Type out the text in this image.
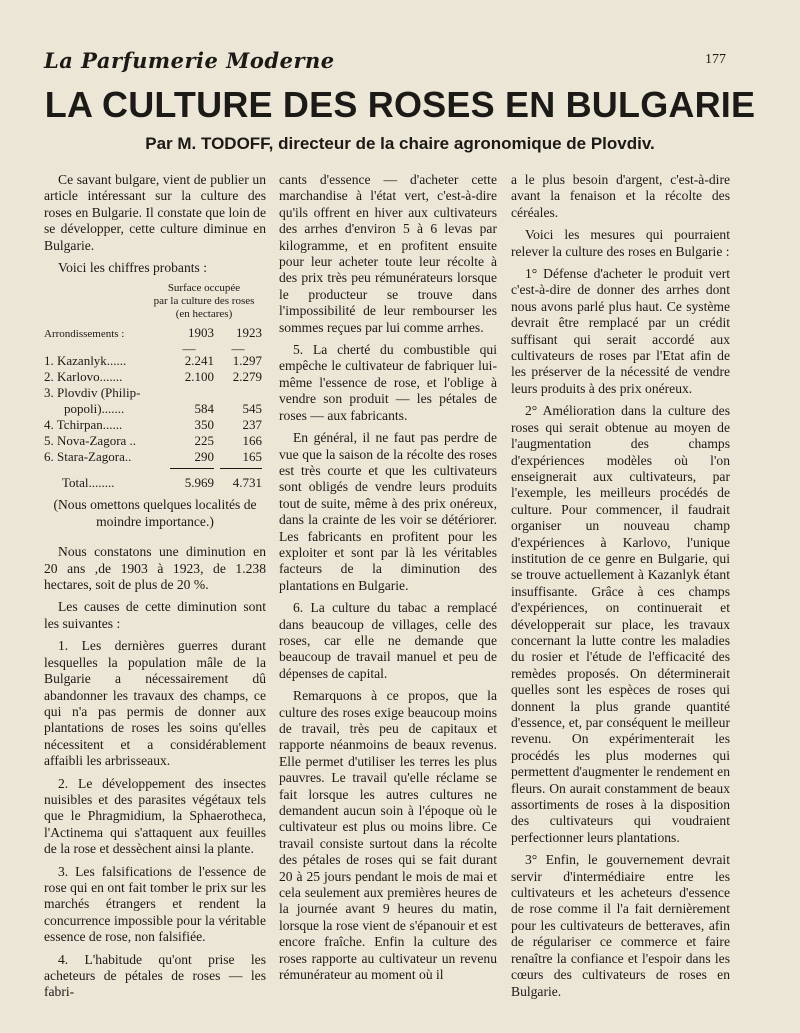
La Parfumerie Moderne	177
LA CULTURE DES ROSES EN BULGARIE
Par M. TODOFF, directeur de la chaire agronomique de Plovdiv.

Ce savant bulgare, vient de publier un article intéressant sur la culture des roses en Bulgarie. Il constate que loin de se développer, cette culture diminue en Bulgarie.

Voici les chiffres probants :

Surface occupée
par la culture des roses
(en hectares)
Arrondissements :	1903	1923
—	—
1. Kazanlyk......	2.241	1.297
2. Karlovo.......	2.100	2.279
3. Plovdiv (Philip-
popoli).......	584	545
4. Tchirpan......	350	237
5. Nova-Zagora ..	225	166
6. Stara-Zagora..	290	165
Total........	5.969	4.731

(Nous omettons quelques localités de moindre importance.)

Nous constatons une diminution en 20 ans ,de 1903 à 1923, de 1.238 hectares, soit de plus de 20 %.

Les causes de cette diminution sont les suivantes :

1. Les dernières guerres durant lesquelles la population mâle de la Bulgarie a nécessairement dû abandonner les travaux des champs, ce qui n'a pas permis de donner aux plantations de roses les soins qu'elles nécessitent et a considérablement affaibli les arbrisseaux.

2. Le développement des insectes nuisibles et des parasites végétaux tels que le Phragmidium, la Sphaerotheca, l'Actinema qui s'attaquent aux feuilles de la rose et dessèchent ainsi la plante.

3. Les falsifications de l'essence de rose qui en ont fait tomber le prix sur les marchés étrangers et rendent la concurrence impossible pour la véritable essence de rose, non falsifiée.

4. L'habitude qu'ont prise les acheteurs de pétales de roses — les fabri-

cants d'essence — d'acheter cette marchandise à l'état vert, c'est-à-dire qu'ils offrent en hiver aux cultivateurs des arrhes d'environ 5 à 6 levas par kilogramme, et en profitent ensuite pour leur acheter toute leur récolte à des prix très peu rémunérateurs lorsque le producteur se trouve dans l'impossibilité de leur rembourser les sommes reçues par lui comme arrhes.

5. La cherté du combustible qui empêche le cultivateur de fabriquer lui-même l'essence de rose, et l'oblige à vendre son produit — les pétales de roses — aux fabricants.

En général, il ne faut pas perdre de vue que la saison de la récolte des roses est très courte et que les cultivateurs sont obligés de vendre leurs produits tout de suite, même à des prix onéreux, dans la crainte de les voir se détériorer. Les fabricants en profitent pour les exploiter et sont par là les véritables facteurs de la diminution des plantations en Bulgarie.

6. La culture du tabac a remplacé dans beaucoup de villages, celle des roses, car elle ne demande que beaucoup de travail manuel et peu de dépenses de capital.

Remarquons à ce propos, que la culture des roses exige beaucoup moins de travail, très peu de capitaux et rapporte néanmoins de beaux revenus. Elle permet d'utiliser les terres les plus pauvres. Le travail qu'elle réclame se fait lorsque les autres cultures ne demandent aucun soin à l'époque où le cultivateur est plus ou moins libre. Ce travail consiste surtout dans la récolte des pétales de roses qui se fait durant 20 à 25 jours pendant le mois de mai et cela seulement aux premières heures de la journée avant 9 heures du matin, lorsque la rose vient de s'épanouir et est encore fraîche. Enfin la culture des roses rapporte au cultivateur un revenu rémunérateur au moment où il

a le plus besoin d'argent, c'est-à-dire avant la fenaison et la récolte des céréales.

Voici les mesures qui pourraient relever la culture des roses en Bulgarie :

1° Défense d'acheter le produit vert c'est-à-dire de donner des arrhes dont nous avons parlé plus haut. Ce système devrait être remplacé par un crédit suffisant qui serait accordé aux cultivateurs de roses par l'Etat afin de les préserver de la nécessité de vendre leurs produits à des prix onéreux.

2° Amélioration dans la culture des roses qui serait obtenue au moyen de l'augmentation des champs d'expériences modèles où l'on enseignerait aux cultivateurs, par l'exemple, les meilleurs procédés de culture. Pour commencer, il faudrait organiser un nouveau champ d'expériences à Karlovo, l'unique institution de ce genre en Bulgarie, qui se trouve actuellement à Kazanlyk étant insuffisante. Grâce à ces champs d'expériences, on continuerait et développerait sur place, les travaux concernant la lutte contre les maladies du rosier et l'étude de l'efficacité des remèdes proposés. On déterminerait quelles sont les espèces de roses qui donnent la plus grande quantité d'essence, et, par conséquent le meilleur revenu. On expérimenterait les procédés les plus modernes qui permettent d'augmenter le rendement en fleurs. On aurait constamment de beaux assortiments de roses à la disposition des cultivateurs qui voudraient perfectionner leurs plantations.

3° Enfin, le gouvernement devrait servir d'intermédiaire entre les cultivateurs et les acheteurs d'essence de rose comme il l'a fait dernièrement pour les cultivateurs de betteraves, afin de régulariser ce commerce et faire renaître la confiance et l'espoir dans les cœurs des cultivateurs de roses en Bulgarie.
